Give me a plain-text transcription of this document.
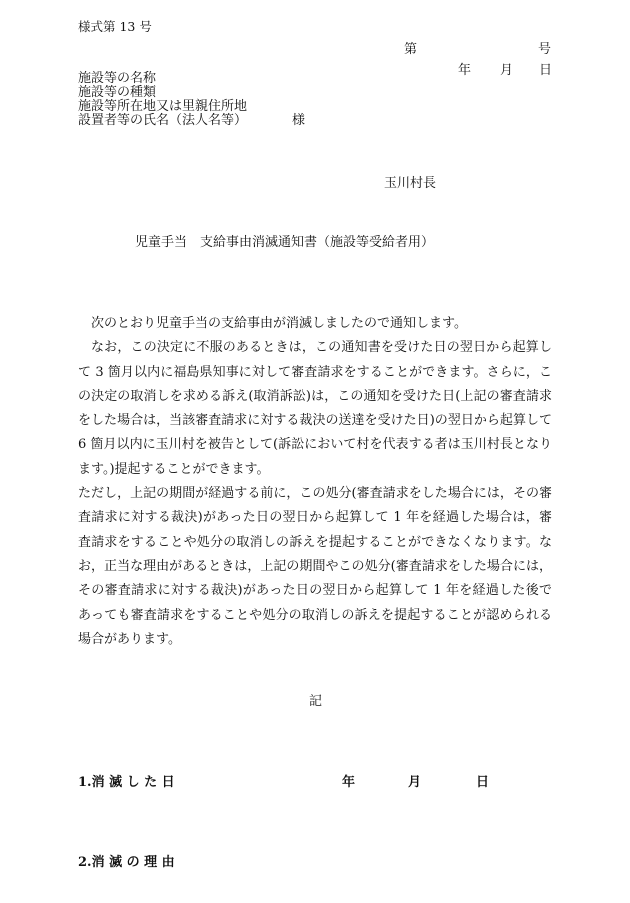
様式第 13 号
第	号
年 月 日
施設等の名称
施設等の種類
施設等所在地又は里親住所地
設置者等の氏名（法人名等）	様
玉川村長
児童手当　支給事由消滅通知書（施設等受給者用）

次のとおり児童手当の支給事由が消滅しましたので通知します。

なお，この決定に不服のあるときは，この通知書を受けた日の翌日から起算して 3 箇月以内に福島県知事に対して審査請求をすることができます。さらに，この決定の取消しを求める訴え(取消訴訟)は，この通知を受けた日(上記の審査請求をした場合は，当該審査請求に対する裁決の送達を受けた日)の翌日から起算して 6 箇月以内に玉川村を被告として(訴訟において村を代表する者は玉川村長となります。)提起することができます。

ただし，上記の期間が経過する前に，この処分(審査請求をした場合には，その審査請求に対する裁決)があった日の翌日から起算して 1 年を経過した場合は，審査請求をすることや処分の取消しの訴えを提起することができなくなります。なお，正当な理由があるときは，上記の期間やこの処分(審査請求をした場合には，その審査請求に対する裁決)があった日の翌日から起算して 1 年を経過した後であっても審査請求をすることや処分の取消しの訴えを提起することが認められる場合があります。

記
1.消 滅 し た 日	年	月	日
2.消 滅 の 理 由
